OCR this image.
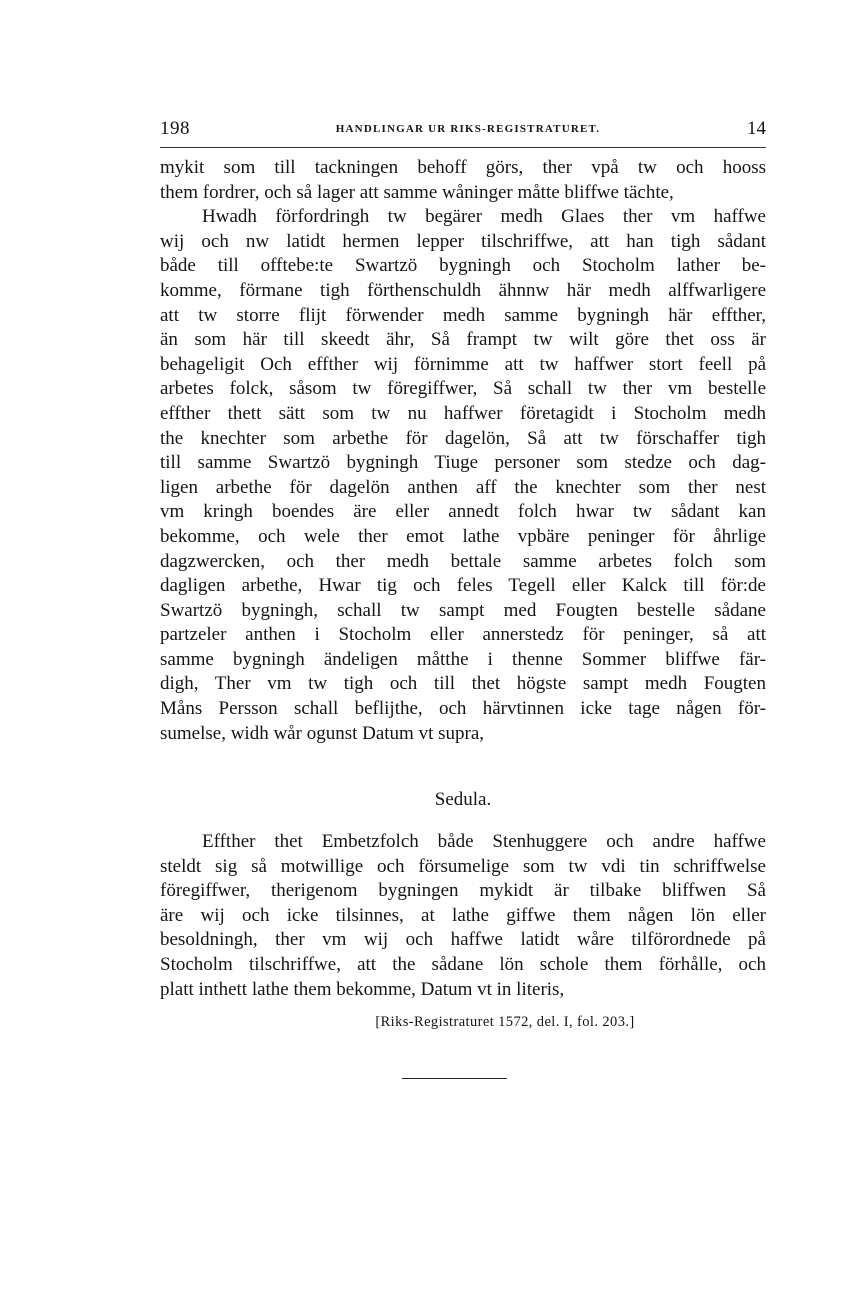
198	HANDLINGAR UR RIKS-REGISTRATURET.	14
mykit som till tackningen behoff görs, ther vpå tw och hooss
them fordrer, och så lager att samme wåninger måtte bliffwe tächte,
Hwadh förfordringh tw begärer medh Glaes ther vm haffwe
wij och nw latidt hermen lepper tilschriffwe, att han tigh sådant
både till offtebe:te Swartzö bygningh och Stocholm lather be-
komme, förmane tigh förthenschuldh ähnnw här medh alffwarligere
att tw storre flijt förwender medh samme bygningh här effther,
än som här till skeedt ähr, Så frampt tw wilt göre thet oss är
behageligit Och effther wij förnimme att tw haffwer stort feell på
arbetes folck, såsom tw föregiffwer, Så schall tw ther vm bestelle
effther thett sätt som tw nu haffwer företagidt i Stocholm medh
the knechter som arbethe för dagelön, Så att tw förschaffer tigh
till samme Swartzö bygningh Tiuge personer som stedze och dag-
ligen arbethe för dagelön anthen aff the knechter som ther nest
vm kringh boendes äre eller annedt folch hwar tw sådant kan
bekomme, och wele ther emot lathe vpbäre peninger för åhrlige
dagzwercken, och ther medh bettale samme arbetes folch som
dagligen arbethe, Hwar tig och feles Tegell eller Kalck till för:de
Swartzö bygningh, schall tw sampt med Fougten bestelle sådane
partzeler anthen i Stocholm eller annerstedz för peninger, så att
samme bygningh ändeligen måtthe i thenne Sommer bliffwe fär-
digh, Ther vm tw tigh och till thet högste sampt medh Fougten
Måns Persson schall beflijthe, och härvtinnen icke tage någen för-
sumelse, widh wår ogunst Datum vt supra,
Sedula.
Effther thet Embetzfolch både Stenhuggere och andre haffwe
steldt sig så motwillige och försumelige som tw vdi tin schriffwelse
föregiffwer, therigenom bygningen mykidt är tilbake bliffwen Så
äre wij och icke tilsinnes, at lathe giffwe them någen lön eller
besoldningh, ther vm wij och haffwe latidt wåre tilförordnede på
Stocholm tilschriffwe, att the sådane lön schole them förhålle, och
platt inthett lathe them bekomme, Datum vt in literis,
[Riks-Registraturet 1572, del. I, fol. 203.]
